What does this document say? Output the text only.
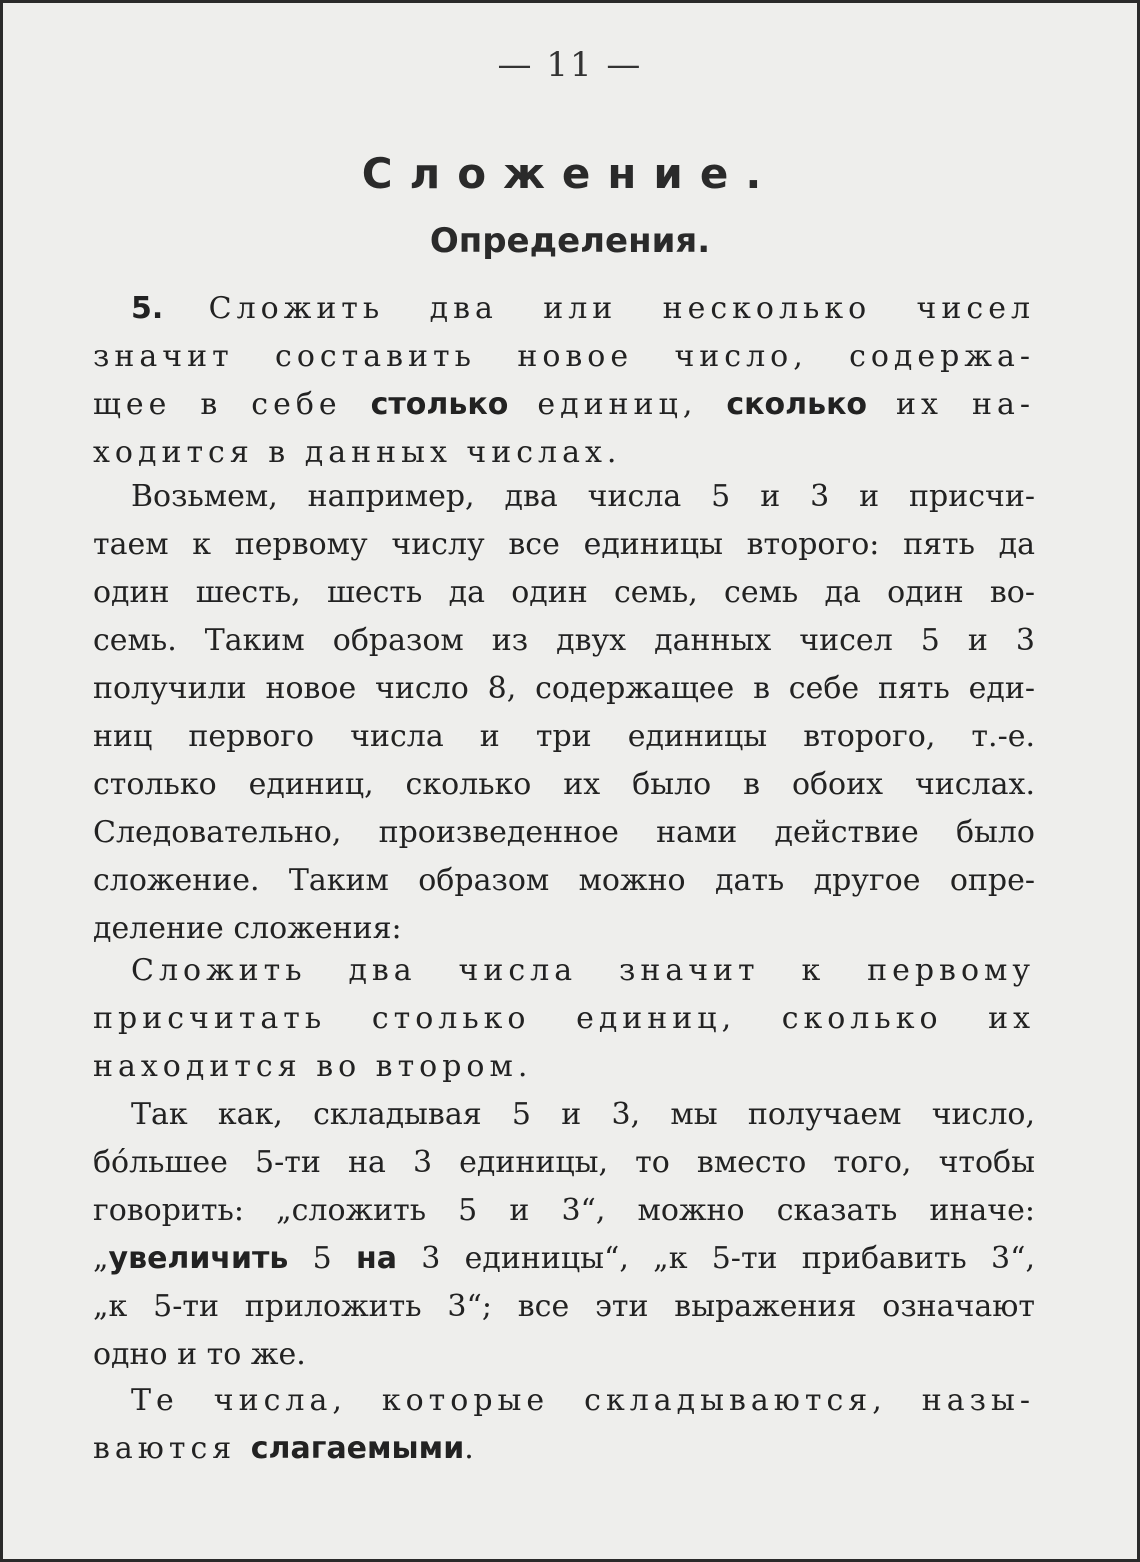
— 11 —
Сложение.
Определения.
5. Сложить два или несколько чисел
значит составить новое число, содержа-
щее в себе столько единиц, сколько их на-
ходится в данных числах.
Возьмем, например, два числа 5 и 3 и присчи-
таем к первому числу все единицы второго: пять да
один шесть, шесть да один семь, семь да один во-
семь. Таким образом из двух данных чисел 5 и 3
получили новое число 8, содержащее в себе пять еди-
ниц первого числа и три единицы второго, т.-е.
столько единиц, сколько их было в обоих числах.
Следовательно, произведенное нами действие было
сложение. Таким образом можно дать другое опре-
деление сложения:
Сложить два числа значит к первому
присчитать столько единиц, сколько их
находится во втором.
Так как, складывая 5 и 3, мы получаем число,
бо́льшее 5-ти на 3 единицы, то вместо того, чтобы
говорить: „сложить 5 и 3“, можно сказать иначе:
„увеличить 5 на 3 единицы“, „к 5-ти прибавить 3“,
„к 5-ти приложить 3“; все эти выражения означают
одно и то же.
Те числа, которые складываются, назы-
ваются слагаемыми.
